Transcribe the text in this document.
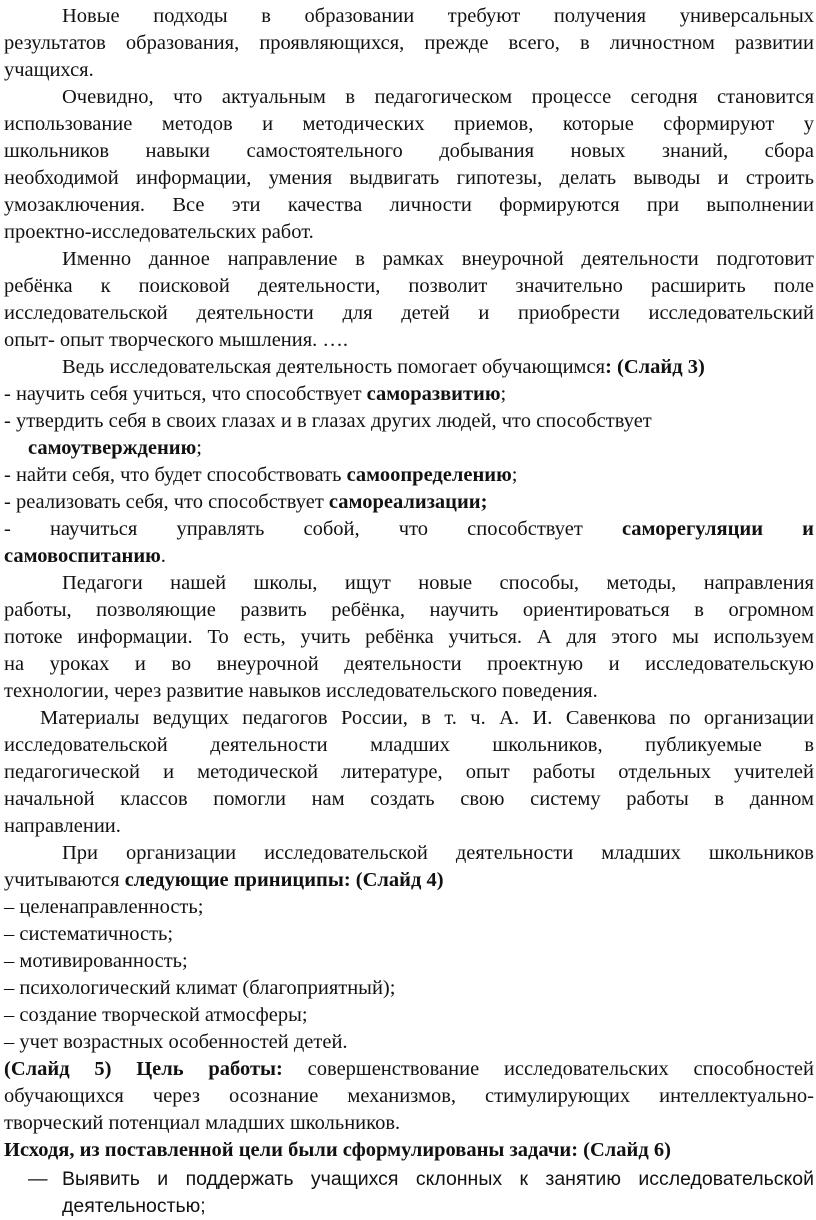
Новые подходы в образовании требуют получения универсальных
результатов образования, проявляющихся, прежде всего, в личностном развитии
учащихся.
Очевидно, что актуальным в педагогическом процессе сегодня становится
использование методов и методических приемов, которые сформируют у
школьников навыки самостоятельного добывания новых знаний, сбора
необходимой информации, умения выдвигать гипотезы, делать выводы и строить
умозаключения. Все эти качества личности формируются при выполнении
проектно-исследовательских работ.
Именно данное направление в рамках внеурочной деятельности подготовит
ребёнка к поисковой деятельности, позволит значительно расширить поле
исследовательской деятельности для детей и приобрести исследовательский
опыт- опыт творческого мышления. ….
Ведь исследовательская деятельность помогает обучающимся: (Слайд 3)
- научить себя учиться, что способствует саморазвитию;
- утвердить себя в своих глазах и в глазах других людей, что способствует
самоутверждению;
- найти себя, что будет способствовать самоопределению;
- реализовать себя, что способствует самореализации;
- научиться управлять собой, что способствует саморегуляции и
самовоспитанию.
Педагоги нашей школы, ищут новые способы, методы, направления
работы, позволяющие развить ребёнка, научить ориентироваться в огромном
потоке информации. То есть, учить ребёнка учиться. А для этого мы используем
на уроках и во внеурочной деятельности проектную и исследовательскую
технологии, через развитие навыков исследовательского поведения.
Материалы ведущих педагогов России, в т. ч. А. И. Савенкова по организации
исследовательской деятельности младших школьников, публикуемые в
педагогической и методической литературе, опыт работы отдельных учителей
начальной классов помогли нам создать свою систему работы в данном
направлении.
При организации исследовательской деятельности младших школьников
учитываются следующие приниципы: (Слайд 4)
– целенаправленность;
– систематичность;
– мотивированность;
– психологический климат (благоприятный);
– создание творческой атмосферы;
– учет возрастных особенностей детей.
(Слайд 5) Цель работы: совершенствование исследовательских способностей
обучающихся через осознание механизмов, стимулирующих интеллектуально-
творческий потенциал младших школьников.
Исходя, из поставленной цели были сформулированы задачи: (Слайд 6)
— Выявить и поддержать учащихся склонных к занятию исследовательской
деятельностью;
